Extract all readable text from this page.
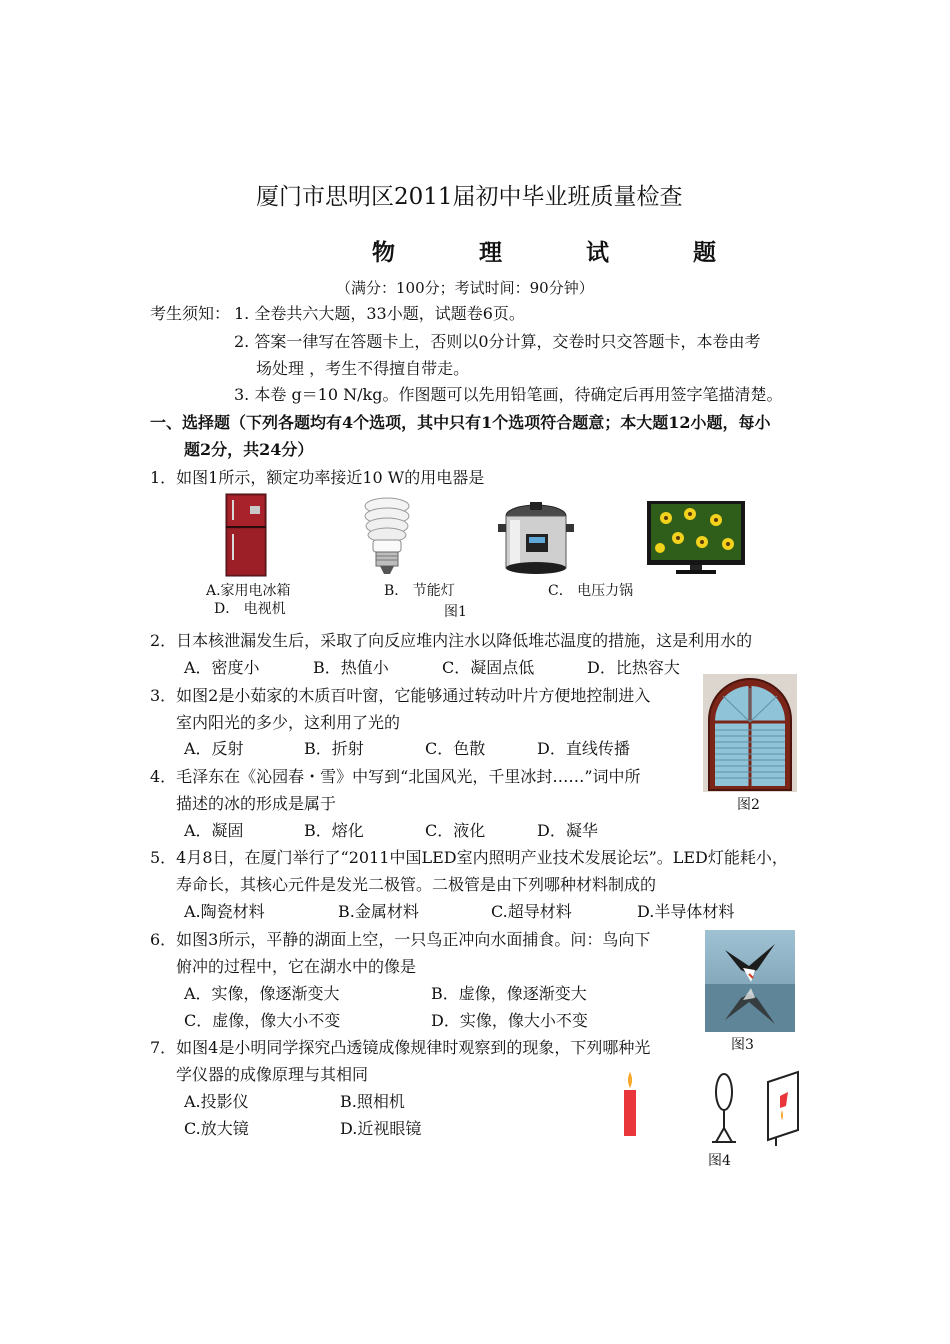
厦门市思明区2011届初中毕业班质量检查
物 理 试 题
（满分：100分；考试时间：90分钟）
考生须知： 1. 全卷共六大题，33小题，试题卷6页。
2. 答案一律写在答题卡上，否则以0分计算，交卷时只交答题卡，本卷由考
场处理 ，考生不得擅自带走。
3. 本卷 g＝10 N/kg。作图题可以先用铅笔画，待确定后再用签字笔描清楚。
一、选择题（下列各题均有4个选项，其中只有1个选项符合题意；本大题12小题，每小
题2分，共24分）
1．如图1所示，额定功率接近10 W的用电器是
A.家用电冰箱	B． 节能灯	C． 电压力锅
D． 电视机	图1
2．日本核泄漏发生后，采取了向反应堆内注水以降低堆芯温度的措施，这是利用水的
A．密度小	B．热值小	C．凝固点低	D．比热容大
3．如图2是小茹家的木质百叶窗，它能够通过转动叶片方便地控制进入
室内阳光的多少，这利用了光的
A．反射	B．折射	C．色散	D．直线传播
图2
4．毛泽东在《沁园春・雪》中写到“北国风光，千里冰封……”词中所
描述的冰的形成是属于
A．凝固	B．熔化	C．液化	D．凝华
5．4月8日，在厦门举行了“2011中国LED室内照明产业技术发展论坛”。LED灯能耗小，
寿命长，其核心元件是发光二极管。二极管是由下列哪种材料制成的
A.陶瓷材料	B.金属材料	C.超导材料	D.半导体材料
6．如图3所示，平静的湖面上空，一只鸟正冲向水面捕食。问：鸟向下
俯冲的过程中，它在湖水中的像是
A．实像，像逐渐变大	B．虚像，像逐渐变大
C．虚像，像大小不变	D．实像，像大小不变
图3
7．如图4是小明同学探究凸透镜成像规律时观察到的现象，下列哪种光
学仪器的成像原理与其相同
A.投影仪	B.照相机
C.放大镜	D.近视眼镜
图4
